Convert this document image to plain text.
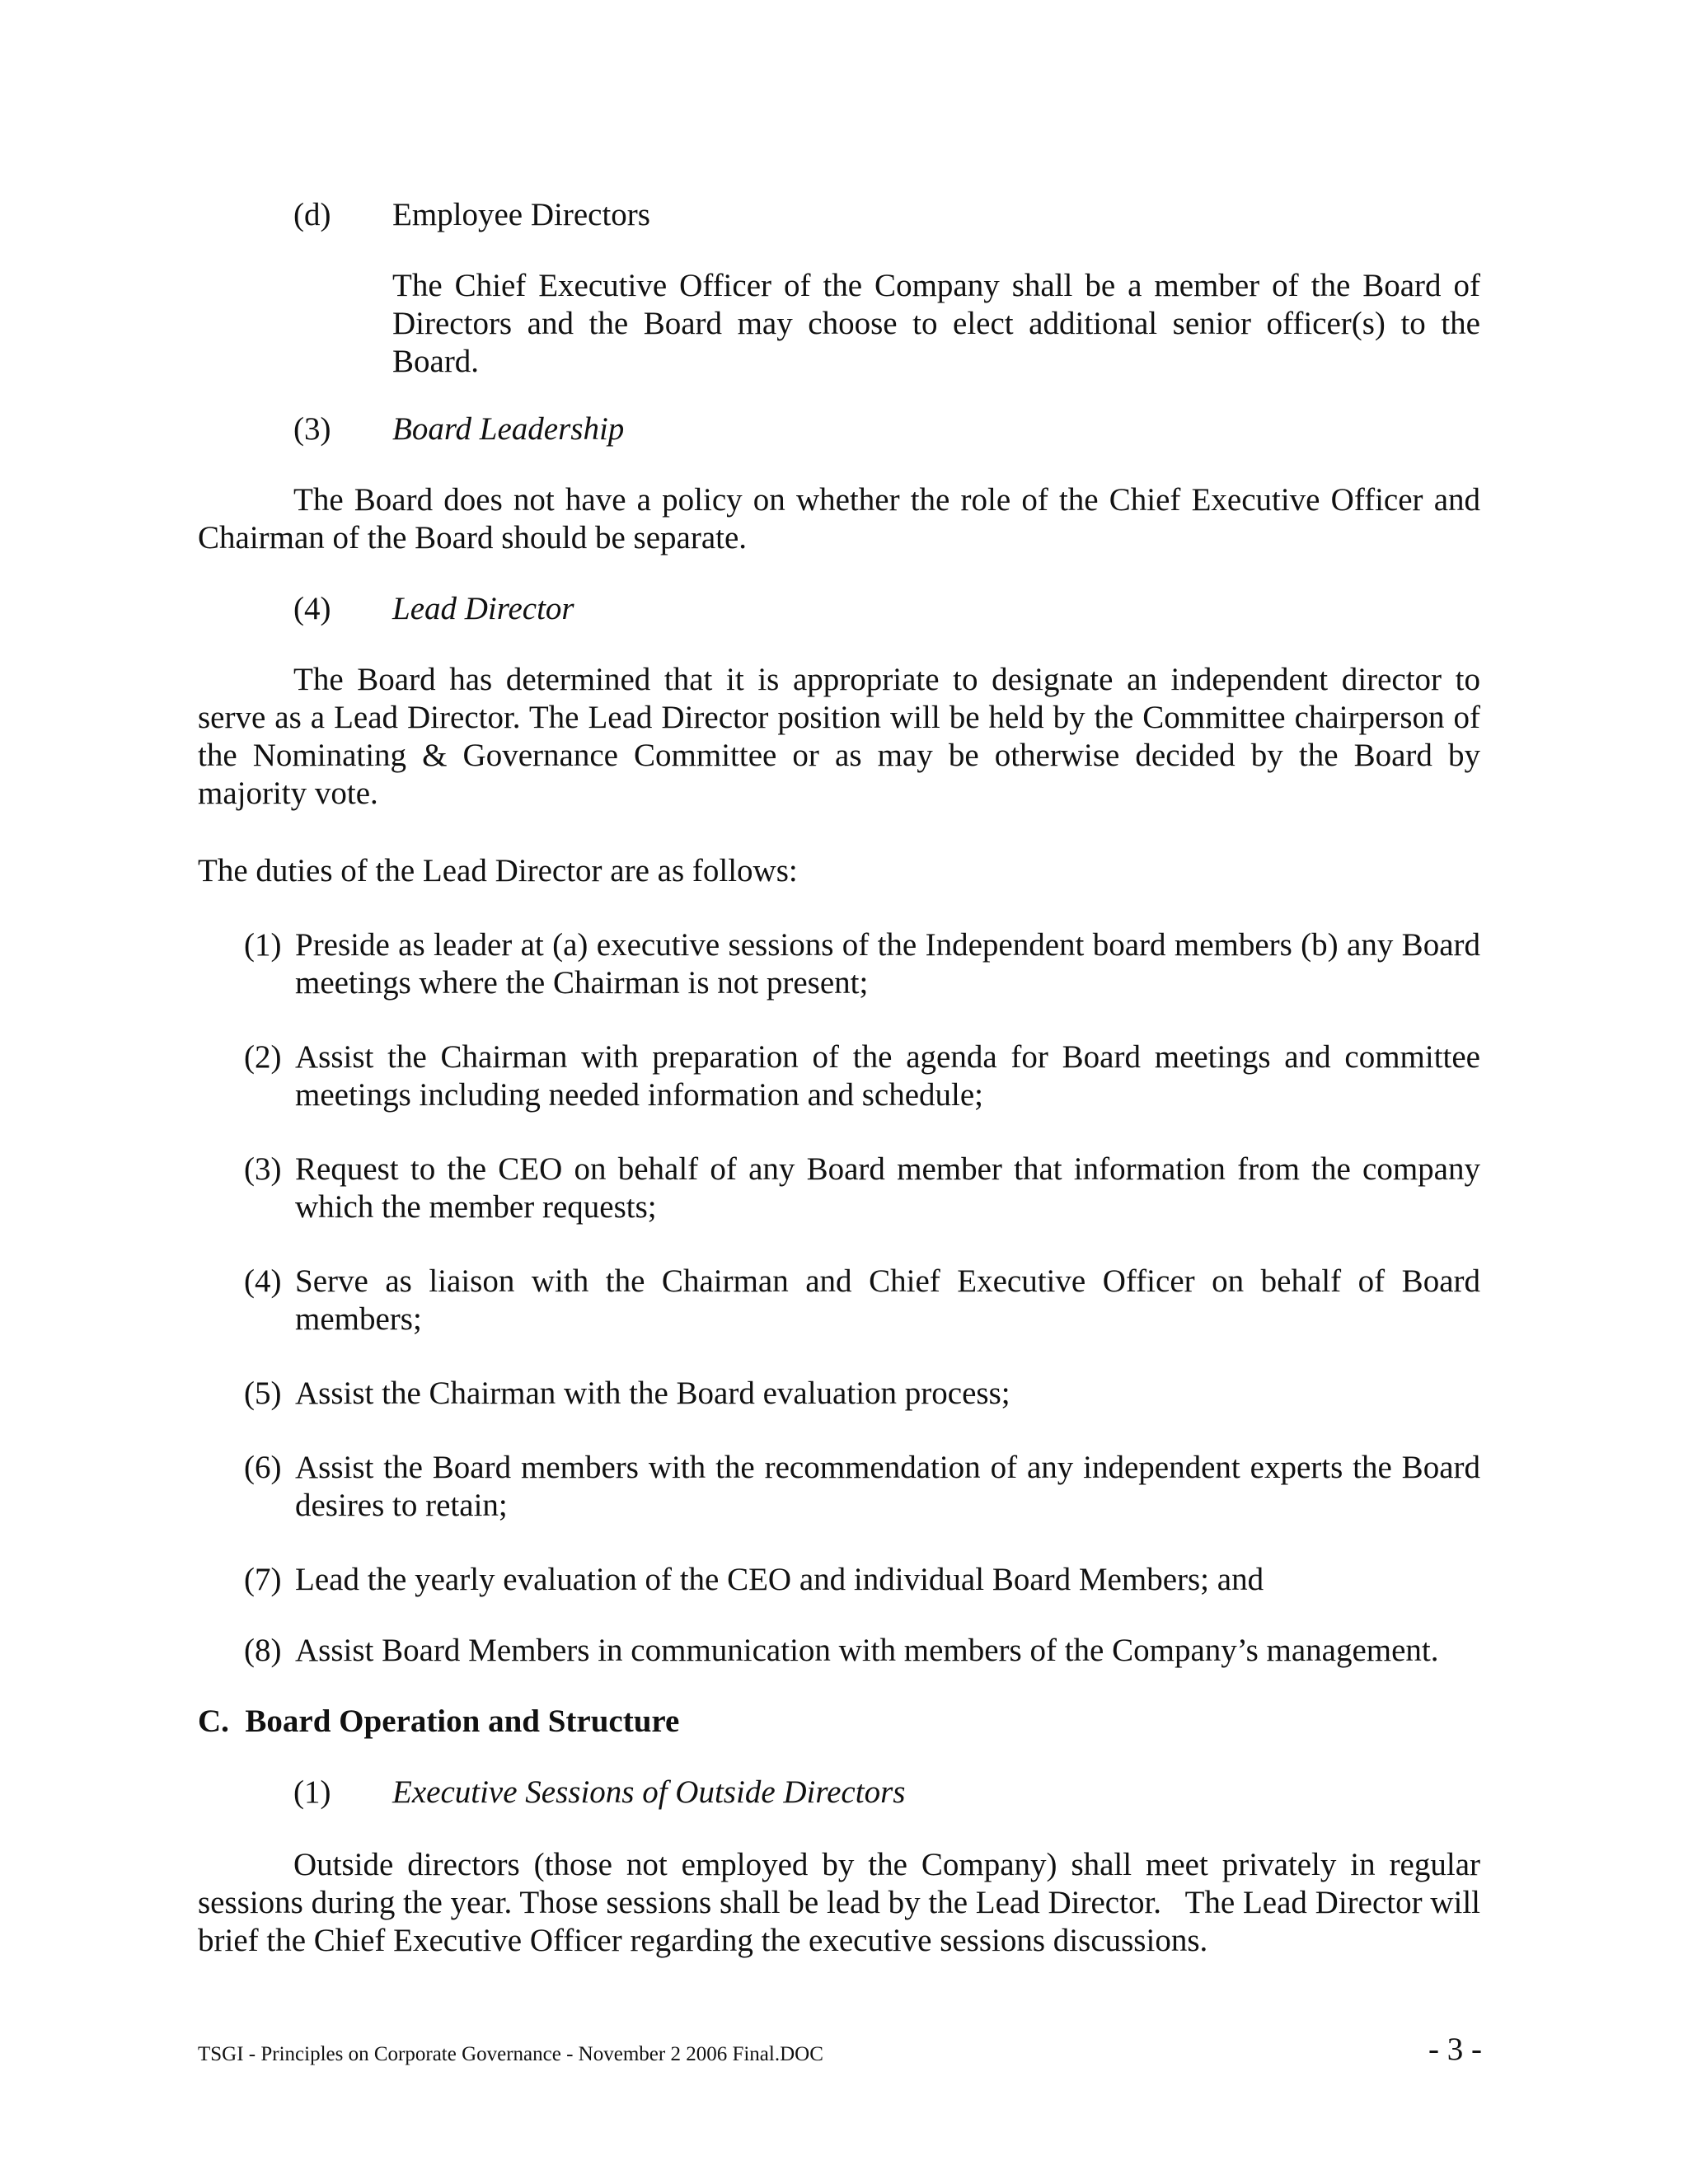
(d) Employee Directors

The Chief Executive Officer of the Company shall be a member of the Board of Directors and the Board may choose to elect additional senior officer(s) to the Board.

(3) Board Leadership

The Board does not have a policy on whether the role of the Chief Executive Officer and Chairman of the Board should be separate.

(4) Lead Director

The Board has determined that it is appropriate to designate an independent director to serve as a Lead Director. The Lead Director position will be held by the Committee chairperson of the Nominating & Governance Committee or as may be otherwise decided by the Board by majority vote.

The duties of the Lead Director are as follows:

(1) Preside as leader at (a) executive sessions of the Independent board members (b) any Board meetings where the Chairman is not present;

(2) Assist the Chairman with preparation of the agenda for Board meetings and committee meetings including needed information and schedule;

(3) Request to the CEO on behalf of any Board member that information from the company which the member requests;

(4) Serve as liaison with the Chairman and Chief Executive Officer on behalf of Board members;

(5) Assist the Chairman with the Board evaluation process;

(6) Assist the Board members with the recommendation of any independent experts the Board desires to retain;

(7) Lead the yearly evaluation of the CEO and individual Board Members; and

(8) Assist Board Members in communication with members of the Company’s management.

C.  Board Operation and Structure
(1) Executive Sessions of Outside Directors

Outside directors (those not employed by the Company) shall meet privately in regular sessions during the year. Those sessions shall be lead by the Lead Director.   The Lead Director will brief the Chief Executive Officer regarding the executive sessions discussions.

TSGI - Principles on Corporate Governance - November 2 2006 Final.DOC	- 3 -
